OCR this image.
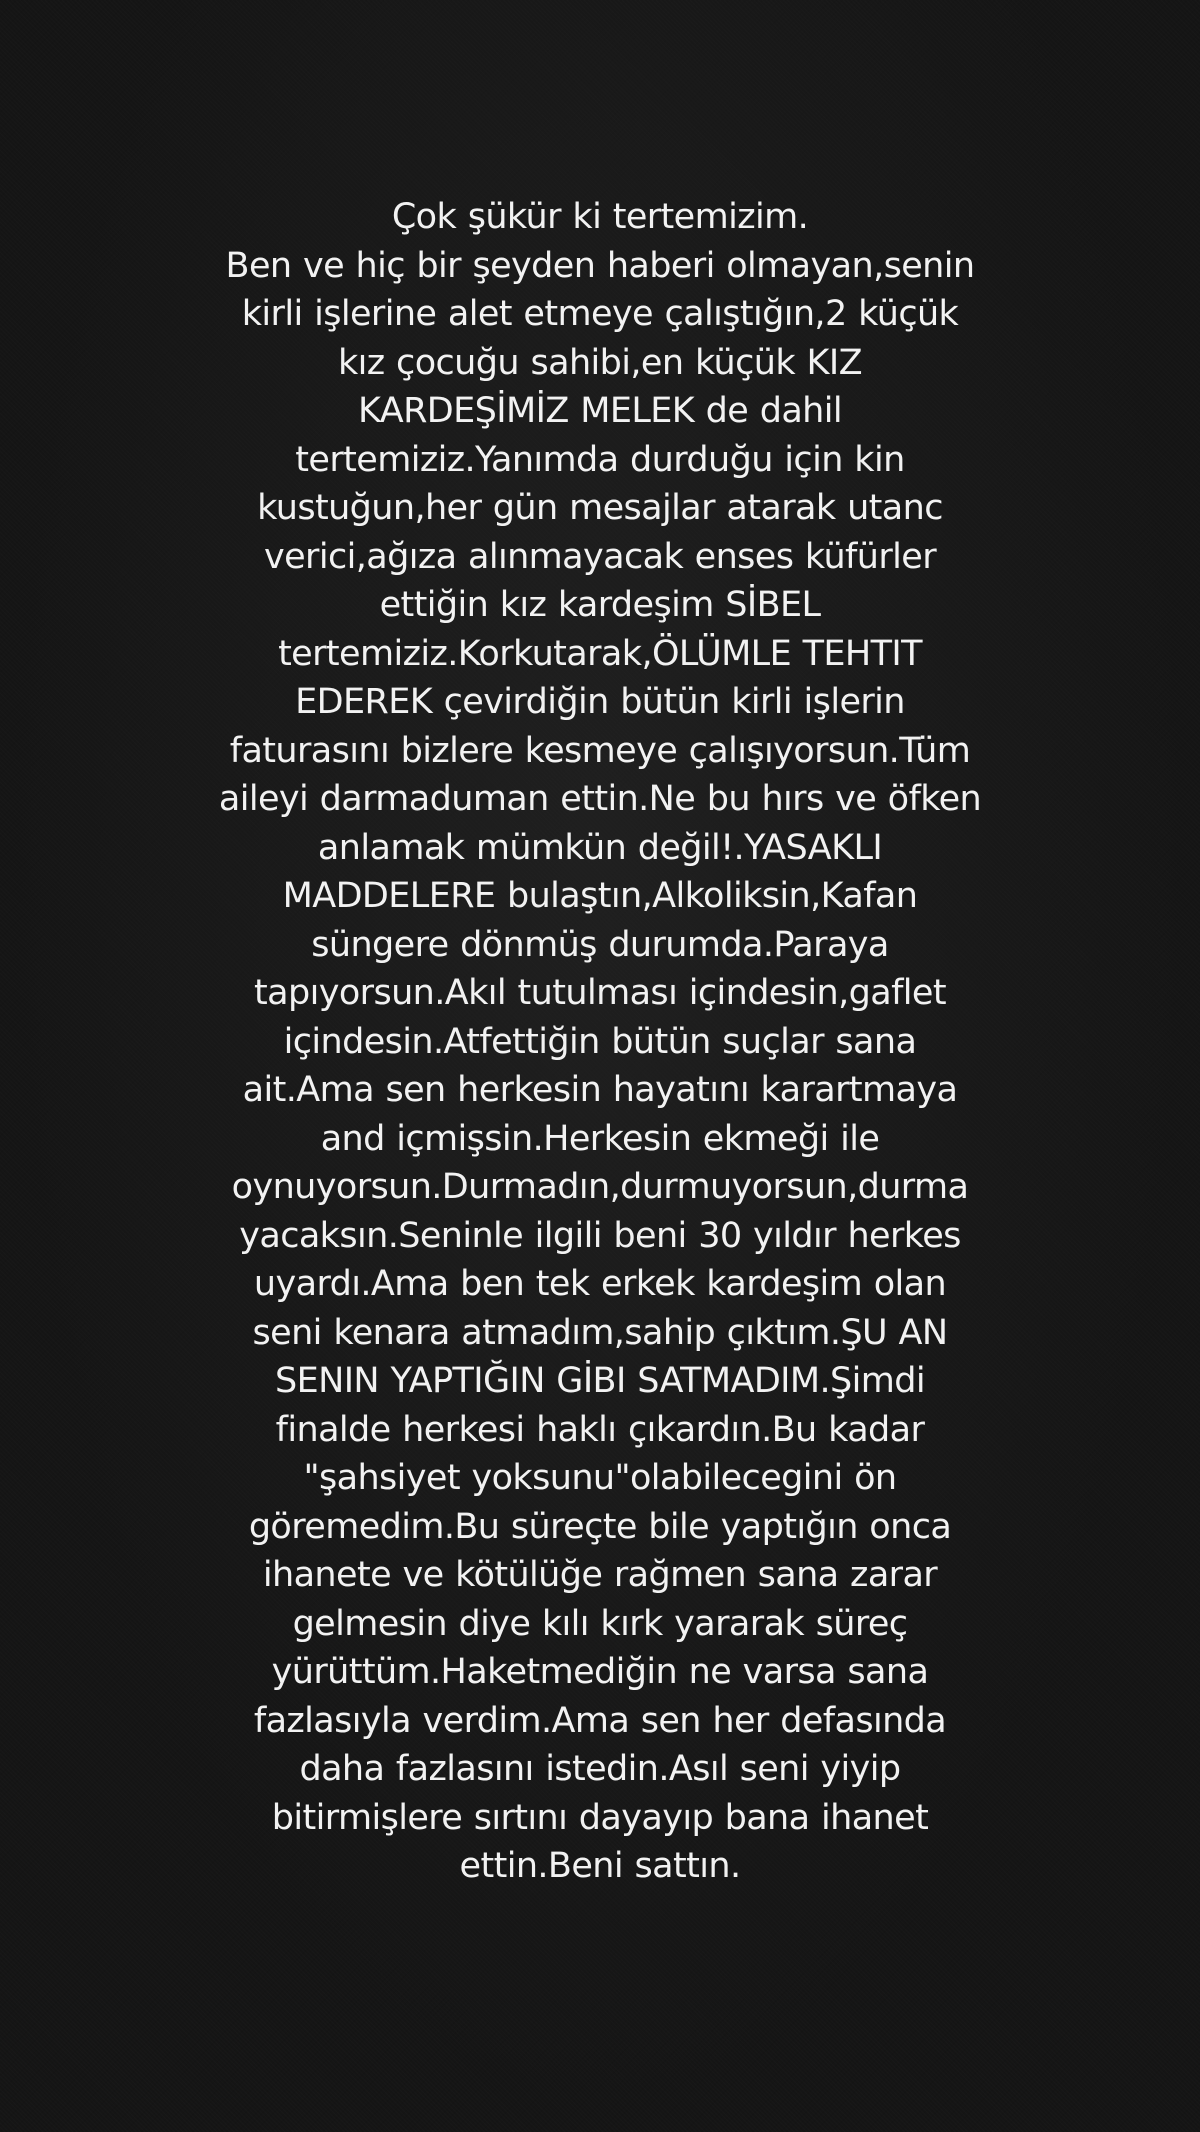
Çok şükür ki tertemizim.
Ben ve hiç bir şeyden haberi olmayan,senin
kirli işlerine alet etmeye çalıştığın,2 küçük
kız çocuğu sahibi,en küçük KIZ
KARDEŞİMİZ MELEK de dahil
tertemiziz.Yanımda durduğu için kin
kustuğun,her gün mesajlar atarak utanc
verici,ağıza alınmayacak enses küfürler
ettiğin kız kardeşim SİBEL
tertemiziz.Korkutarak,ÖLÜMLE TEHTIT
EDEREK çevirdiğin bütün kirli işlerin
faturasını bizlere kesmeye çalışıyorsun.Tüm
aileyi darmaduman ettin.Ne bu hırs ve öfken
anlamak mümkün değil!.YASAKLI
MADDELERE bulaştın,Alkoliksin,Kafan
süngere dönmüş durumda.Paraya
tapıyorsun.Akıl tutulması içindesin,gaflet
içindesin.Atfettiğin bütün suçlar sana
ait.Ama sen herkesin hayatını karartmaya
and içmişsin.Herkesin ekmeği ile
oynuyorsun.Durmadın,durmuyorsun,durma
yacaksın.Seninle ilgili beni 30 yıldır herkes
uyardı.Ama ben tek erkek kardeşim olan
seni kenara atmadım,sahip çıktım.ŞU AN
SENIN YAPTIĞIN GİBI SATMADIM.Şimdi
finalde herkesi haklı çıkardın.Bu kadar
"şahsiyet yoksunu"olabilecegini ön
göremedim.Bu süreçte bile yaptığın onca
ihanete ve kötülüğe rağmen sana zarar
gelmesin diye kılı kırk yararak süreç
yürüttüm.Haketmediğin ne varsa sana
fazlasıyla verdim.Ama sen her defasında
daha fazlasını istedin.Asıl seni yiyip
bitirmişlere sırtını dayayıp bana ihanet
ettin.Beni sattın.
